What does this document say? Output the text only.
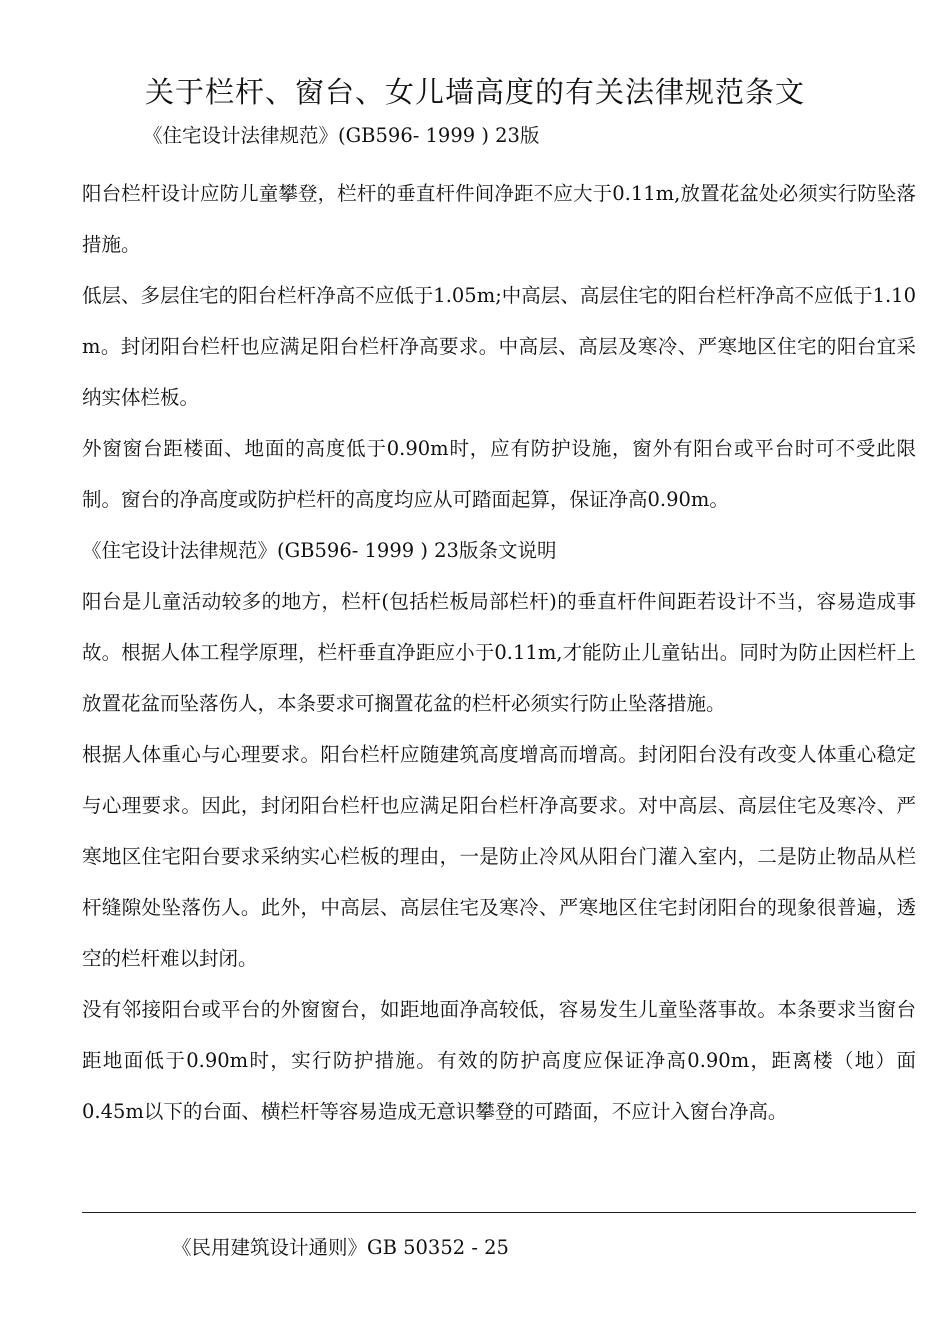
关于栏杆、窗台、女儿墙高度的有关法律规范条文
《住宅设计法律规范》(GB596- 1999 ) 23版

阳台栏杆设计应防儿童攀登，栏杆的垂直杆件间净距不应大于0.11m,放置花盆处必须实行防坠落措施。

低层、多层住宅的阳台栏杆净高不应低于1.05m;中高层、高层住宅的阳台栏杆净高不应低于1.10 m。封闭阳台栏杆也应满足阳台栏杆净高要求。中高层、高层及寒冷、严寒地区住宅的阳台宜采纳实体栏板。

外窗窗台距楼面、地面的高度低于0.90m时，应有防护设施，窗外有阳台或平台时可不受此限制。窗台的净高度或防护栏杆的高度均应从可踏面起算，保证净高0.90m。

《住宅设计法律规范》(GB596- 1999 ) 23版条文说明

阳台是儿童活动较多的地方，栏杆(包括栏板局部栏杆)的垂直杆件间距若设计不当，容易造成事故。根据人体工程学原理，栏杆垂直净距应小于0.11m,才能防止儿童钻出。同时为防止因栏杆上放置花盆而坠落伤人，本条要求可搁置花盆的栏杆必须实行防止坠落措施。

根据人体重心与心理要求。阳台栏杆应随建筑高度增高而增高。封闭阳台没有改变人体重心稳定与心理要求。因此，封闭阳台栏杆也应满足阳台栏杆净高要求。对中高层、高层住宅及寒冷、严寒地区住宅阳台要求采纳实心栏板的理由，一是防止冷风从阳台门灌入室内，二是防止物品从栏杆缝隙处坠落伤人。此外，中高层、高层住宅及寒冷、严寒地区住宅封闭阳台的现象很普遍，透空的栏杆难以封闭。

没有邻接阳台或平台的外窗窗台，如距地面净高较低，容易发生儿童坠落事故。本条要求当窗台距地面低于0.90m时，实行防护措施。有效的防护高度应保证净高0.90m，距离楼（地）面0.45m以下的台面、横栏杆等容易造成无意识攀登的可踏面，不应计入窗台净高。

《民用建筑设计通则》GB 50352 - 25
